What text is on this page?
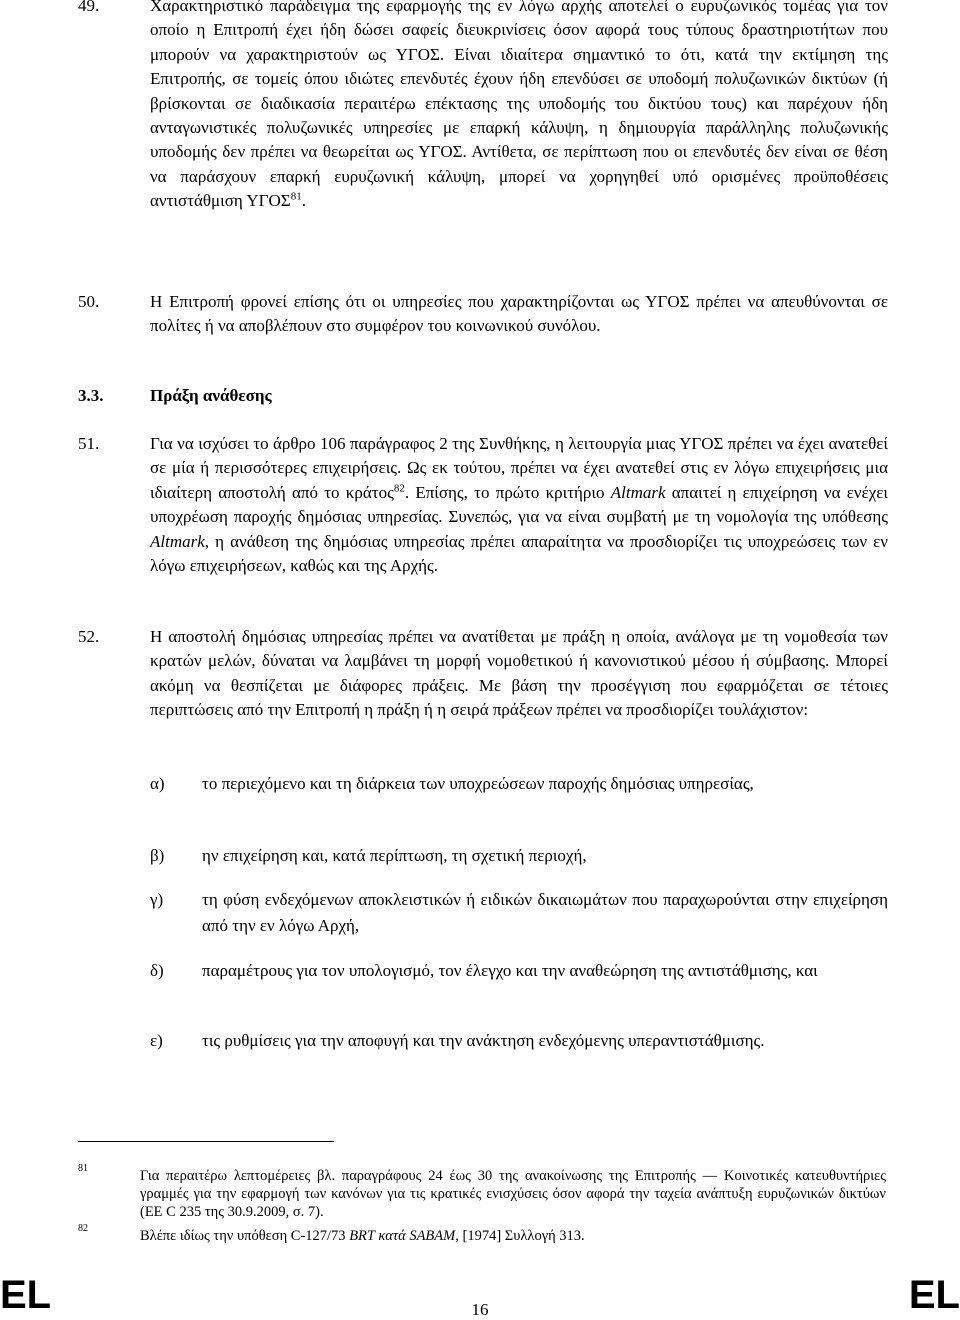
49.	Χαρακτηριστικό παράδειγμα της εφαρμογής της εν λόγω αρχής αποτελεί ο ευρυζωνικός τομέας για τον οποίο η Επιτροπή έχει ήδη δώσει σαφείς διευκρινίσεις όσον αφορά τους τύπους δραστηριοτήτων που μπορούν να χαρακτηριστούν ως ΥΓΟΣ. Είναι ιδιαίτερα σημαντικό το ότι, κατά την εκτίμηση της Επιτροπής, σε τομείς όπου ιδιώτες επενδυτές έχουν ήδη επενδύσει σε υποδομή πολυζωνικών δικτύων (ή βρίσκονται σε διαδικασία περαιτέρω επέκτασης της υποδομής του δικτύου τους) και παρέχουν ήδη ανταγωνιστικές πολυζωνικές υπηρεσίες με επαρκή κάλυψη, η δημιουργία παράλληλης πολυζωνικής υποδομής δεν πρέπει να θεωρείται ως ΥΓΟΣ. Αντίθετα, σε περίπτωση που οι επενδυτές δεν είναι σε θέση να παράσχουν επαρκή ευρυζωνική κάλυψη, μπορεί να χορηγηθεί υπό ορισμένες προϋποθέσεις αντιστάθμιση ΥΓΟΣ$^{81}$.
50.	Η Επιτροπή φρονεί επίσης ότι οι υπηρεσίες που χαρακτηρίζονται ως ΥΓΟΣ πρέπει να απευθύνονται σε πολίτες ή να αποβλέπουν στο συμφέρον του κοινωνικού συνόλου.
3.3.	Πράξη ανάθεσης
51.	Για να ισχύσει το άρθρο 106 παράγραφος 2 της Συνθήκης, η λειτουργία μιας ΥΓΟΣ πρέπει να έχει ανατεθεί σε μία ή περισσότερες επιχειρήσεις. Ως εκ τούτου, πρέπει να έχει ανατεθεί στις εν λόγω επιχειρήσεις μια ιδιαίτερη αποστολή από το κράτος$^{82}$. Επίσης, το πρώτο κριτήριο Altmark απαιτεί η επιχείρηση να ενέχει υποχρέωση παροχής δημόσιας υπηρεσίας. Συνεπώς, για να είναι συμβατή με τη νομολογία της υπόθεσης Altmark, η ανάθεση της δημόσιας υπηρεσίας πρέπει απαραίτητα να προσδιορίζει τις υποχρεώσεις των εν λόγω επιχειρήσεων, καθώς και της Αρχής.
52.	Η αποστολή δημόσιας υπηρεσίας πρέπει να ανατίθεται με πράξη η οποία, ανάλογα με τη νομοθεσία των κρατών μελών, δύναται να λαμβάνει τη μορφή νομοθετικού ή κανονιστικού μέσου ή σύμβασης. Μπορεί ακόμη να θεσπίζεται με διάφορες πράξεις. Με βάση την προσέγγιση που εφαρμόζεται σε τέτοιες περιπτώσεις από την Επιτροπή η πράξη ή η σειρά πράξεων πρέπει να προσδιορίζει τουλάχιστον:
α) το περιεχόμενο και τη διάρκεια των υποχρεώσεων παροχής δημόσιας υπηρεσίας,
β) ην επιχείρηση και, κατά περίπτωση, τη σχετική περιοχή,
γ) τη φύση ενδεχόμενων αποκλειστικών ή ειδικών δικαιωμάτων που παραχωρούνται στην επιχείρηση από την εν λόγω Αρχή,
δ) παραμέτρους για τον υπολογισμό, τον έλεγχο και την αναθεώρηση της αντιστάθμισης, και
ε) τις ρυθμίσεις για την αποφυγή και την ανάκτηση ενδεχόμενης υπεραντιστάθμισης.
81	Για περαιτέρω λεπτομέρειες βλ. παραγράφους 24 έως 30 της ανακοίνωσης της Επιτροπής — Κοινοτικές κατευθυντήριες γραμμές για την εφαρμογή των κανόνων για τις κρατικές ενισχύσεις όσον αφορά την ταχεία ανάπτυξη ευρυζωνικών δικτύων (ΕΕ C 235 της 30.9.2009, σ. 7).
82	Βλέπε ιδίως την υπόθεση C-127/73 BRT κατά SABAM, [1974] Συλλογή 313.
EL	16	EL
